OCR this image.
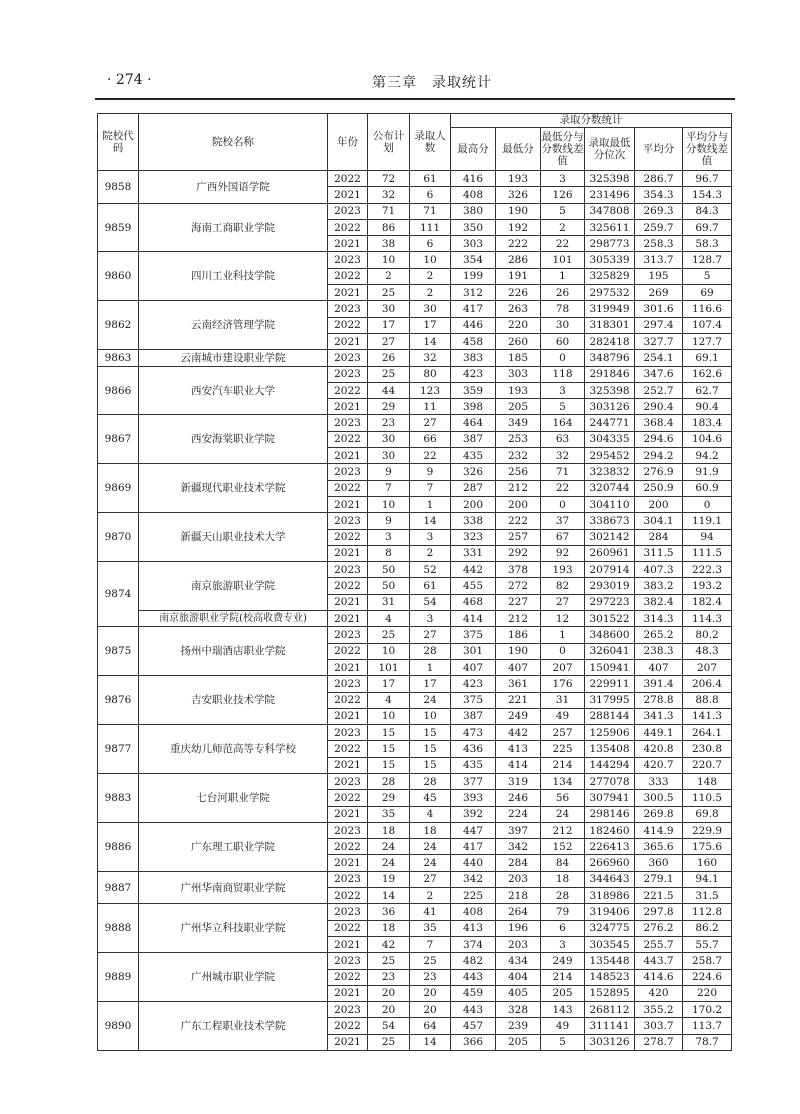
· 274 ·	第三章　录取统计
院校代码	院校名称	年份	公布计划	录取人数	录取分数统计					
					最高分	最低分	最低分与分数线差值	录取最低分位次	平均分	平均分与分数线差值
9858	广西外国语学院	2022	72	61	416	193	3	325398	286.7	96.7
		2021	32	6	408	326	126	231496	354.3	154.3
9859	海南工商职业学院	2023	71	71	380	190	5	347808	269.3	84.3
		2022	86	111	350	192	2	325611	259.7	69.7
		2021	38	6	303	222	22	298773	258.3	58.3
9860	四川工业科技学院	2023	10	10	354	286	101	305339	313.7	128.7
		2022	2	2	199	191	1	325829	195	5
		2021	25	2	312	226	26	297532	269	69
9862	云南经济管理学院	2023	30	30	417	263	78	319949	301.6	116.6
		2022	17	17	446	220	30	318301	297.4	107.4
		2021	27	14	458	260	60	282418	327.7	127.7
9863	云南城市建设职业学院	2023	26	32	383	185	0	348796	254.1	69.1
9866	西安汽车职业大学	2023	25	80	423	303	118	291846	347.6	162.6
		2022	44	123	359	193	3	325398	252.7	62.7
		2021	29	11	398	205	5	303126	290.4	90.4
9867	西安海棠职业学院	2023	23	27	464	349	164	244771	368.4	183.4
		2022	30	66	387	253	63	304335	294.6	104.6
		2021	30	22	435	232	32	295452	294.2	94.2
9869	新疆现代职业技术学院	2023	9	9	326	256	71	323832	276.9	91.9
		2022	7	7	287	212	22	320744	250.9	60.9
		2021	10	1	200	200	0	304110	200	0
9870	新疆天山职业技术大学	2023	9	14	338	222	37	338673	304.1	119.1
		2022	3	3	323	257	67	302142	284	94
		2021	8	2	331	292	92	260961	311.5	111.5
9874	南京旅游职业学院	2023	50	52	442	378	193	207914	407.3	222.3
		2022	50	61	455	272	82	293019	383.2	193.2
		2021	31	54	468	227	27	297223	382.4	182.4
	南京旅游职业学院(校高收费专业)	2021	4	3	414	212	12	301522	314.3	114.3
9875	扬州中瑞酒店职业学院	2023	25	27	375	186	1	348600	265.2	80.2
		2022	10	28	301	190	0	326041	238.3	48.3
		2021	101	1	407	407	207	150941	407	207
9876	吉安职业技术学院	2023	17	17	423	361	176	229911	391.4	206.4
		2022	4	24	375	221	31	317995	278.8	88.8
		2021	10	10	387	249	49	288144	341.3	141.3
9877	重庆幼儿师范高等专科学校	2023	15	15	473	442	257	125906	449.1	264.1
		2022	15	15	436	413	225	135408	420.8	230.8
		2021	15	15	435	414	214	144294	420.7	220.7
9883	七台河职业学院	2023	28	28	377	319	134	277078	333	148
		2022	29	45	393	246	56	307941	300.5	110.5
		2021	35	4	392	224	24	298146	269.8	69.8
9886	广东理工职业学院	2023	18	18	447	397	212	182460	414.9	229.9
		2022	24	24	417	342	152	226413	365.6	175.6
		2021	24	24	440	284	84	266960	360	160
9887	广州华南商贸职业学院	2023	19	27	342	203	18	344643	279.1	94.1
		2022	14	2	225	218	28	318986	221.5	31.5
9888	广州华立科技职业学院	2023	36	41	408	264	79	319406	297.8	112.8
		2022	18	35	413	196	6	324775	276.2	86.2
		2021	42	7	374	203	3	303545	255.7	55.7
9889	广州城市职业学院	2023	25	25	482	434	249	135448	443.7	258.7
		2022	23	23	443	404	214	148523	414.6	224.6
		2021	20	20	459	405	205	152895	420	220
9890	广东工程职业技术学院	2023	20	20	443	328	143	268112	355.2	170.2
		2022	54	64	457	239	49	311141	303.7	113.7
		2021	25	14	366	205	5	303126	278.7	78.7
